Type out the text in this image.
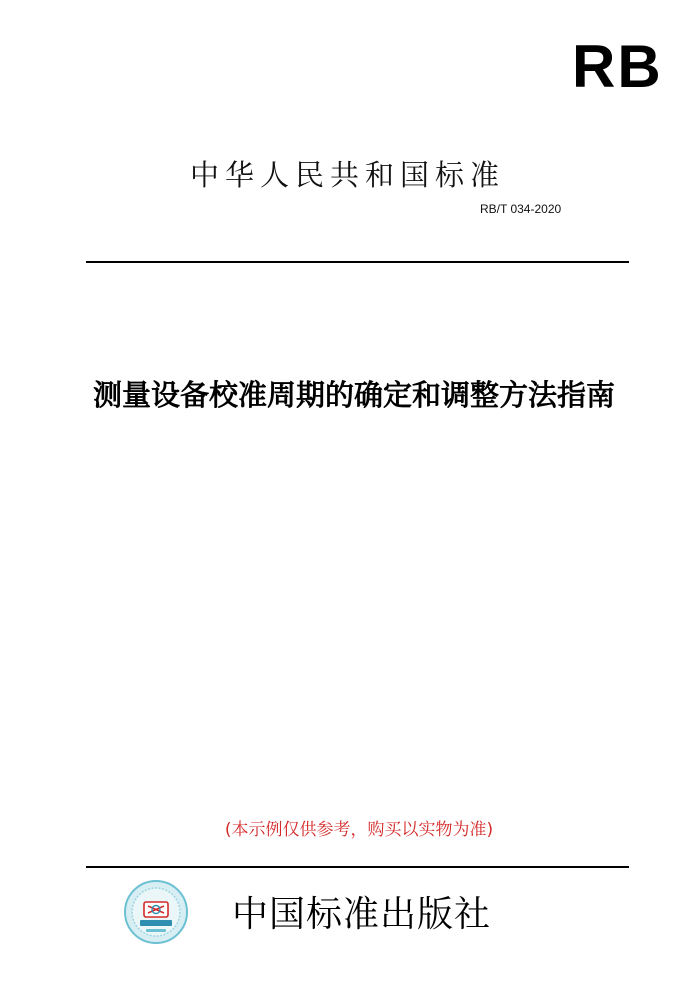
RB
中华人民共和国标准
RB/T 034-2020
测量设备校准周期的确定和调整方法指南
(本示例仅供参考，购买以实物为准)
中国标准出版社
